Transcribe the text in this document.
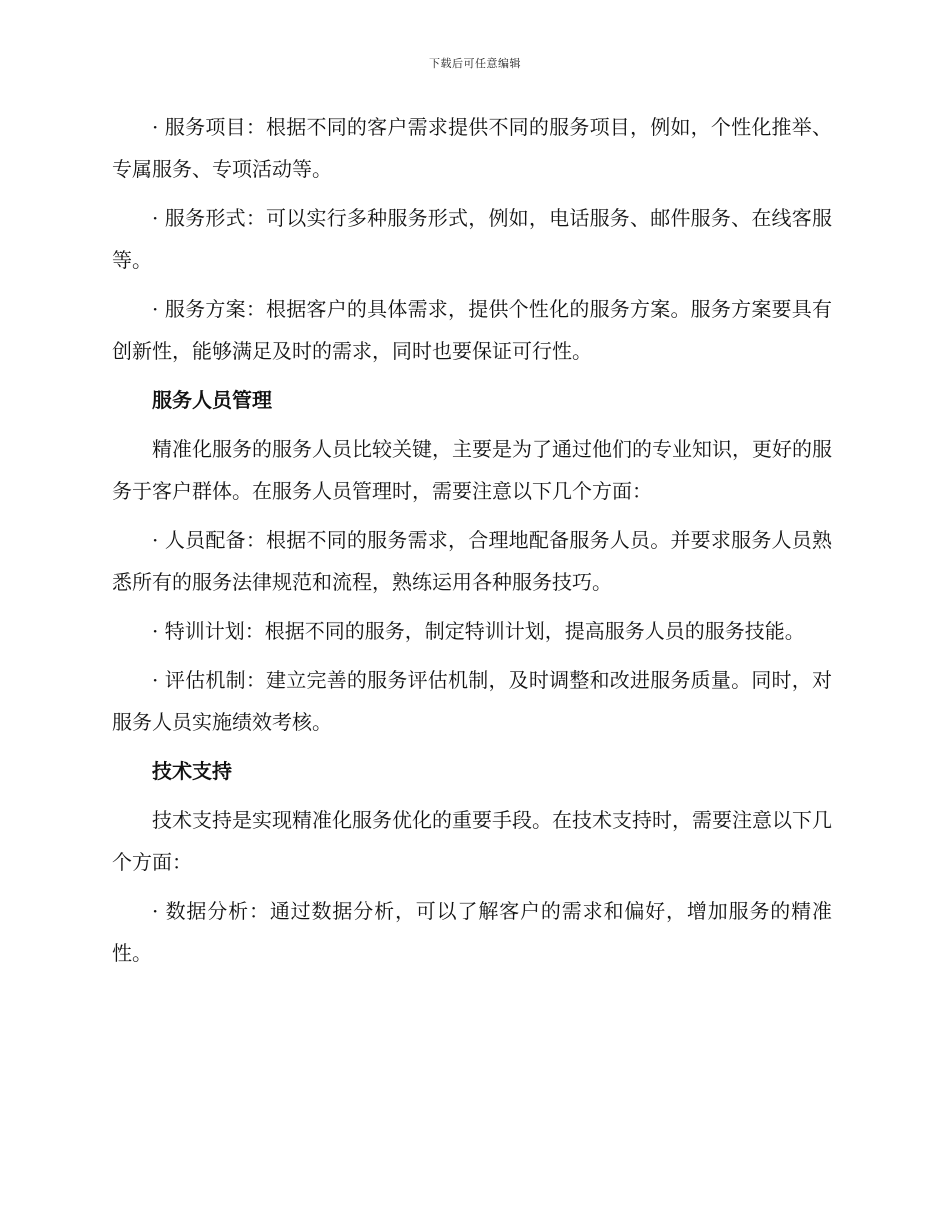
下载后可任意编辑

· 服务项目：根据不同的客户需求提供不同的服务项目，例如，个性化推举、专属服务、专项活动等。

· 服务形式：可以实行多种服务形式，例如，电话服务、邮件服务、在线客服等。

· 服务方案：根据客户的具体需求，提供个性化的服务方案。服务方案要具有创新性，能够满足及时的需求，同时也要保证可行性。

服务人员管理

精准化服务的服务人员比较关键，主要是为了通过他们的专业知识，更好的服务于客户群体。在服务人员管理时，需要注意以下几个方面：

· 人员配备：根据不同的服务需求，合理地配备服务人员。并要求服务人员熟悉所有的服务法律规范和流程，熟练运用各种服务技巧。

· 特训计划：根据不同的服务，制定特训计划，提高服务人员的服务技能。

· 评估机制：建立完善的服务评估机制，及时调整和改进服务质量。同时，对服务人员实施绩效考核。

技术支持

技术支持是实现精准化服务优化的重要手段。在技术支持时，需要注意以下几个方面：

· 数据分析：通过数据分析，可以了解客户的需求和偏好，增加服务的精准性。
